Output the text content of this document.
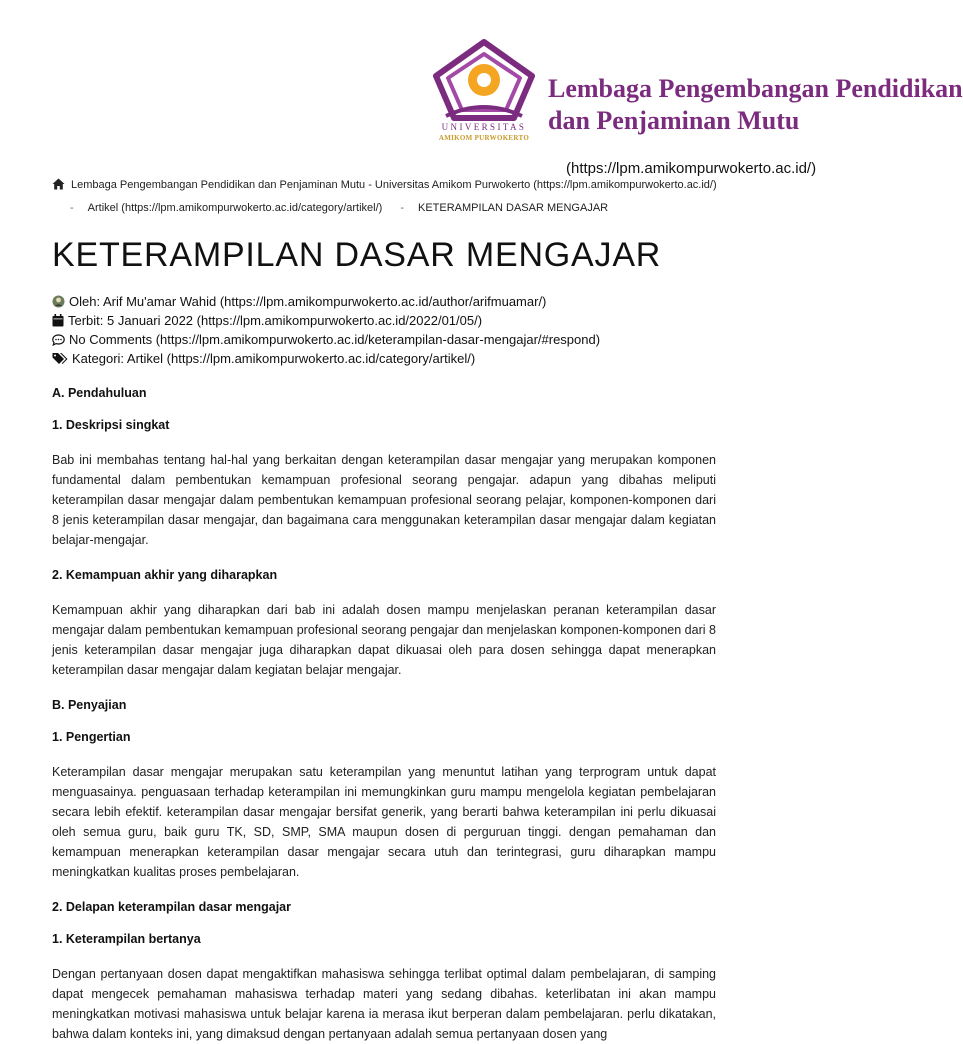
UNIVERSITAS
AMIKOM PURWOKERTO
Lembaga Pengembangan Pendidikan
dan Penjaminan Mutu
(https://lpm.amikompurwokerto.ac.id/)
Lembaga Pengembangan Pendidikan dan Penjaminan Mutu - Universitas Amikom Purwokerto (https://lpm.amikompurwokerto.ac.id/)
- Artikel (https://lpm.amikompurwokerto.ac.id/category/artikel/) - KETERAMPILAN DASAR MENGAJAR
KETERAMPILAN DASAR MENGAJAR
Oleh: Arif Mu'amar Wahid (https://lpm.amikompurwokerto.ac.id/author/arifmuamar/)
Terbit: 5 Januari 2022 (https://lpm.amikompurwokerto.ac.id/2022/01/05/)
No Comments (https://lpm.amikompurwokerto.ac.id/keterampilan-dasar-mengajar/#respond)
Kategori: Artikel (https://lpm.amikompurwokerto.ac.id/category/artikel/)
A. Pendahuluan
1. Deskripsi singkat

Bab ini membahas tentang hal-hal yang berkaitan dengan keterampilan dasar mengajar yang merupakan komponen fundamental dalam pembentukan kemampuan profesional seorang pengajar. adapun yang dibahas meliputi keterampilan dasar mengajar dalam pembentukan kemampuan profesional seorang pelajar, komponen-komponen dari 8 jenis keterampilan dasar mengajar, dan bagaimana cara menggunakan keterampilan dasar mengajar dalam kegiatan belajar-mengajar.

2. Kemampuan akhir yang diharapkan

Kemampuan akhir yang diharapkan dari bab ini adalah dosen mampu menjelaskan peranan keterampilan dasar mengajar dalam pembentukan kemampuan profesional seorang pengajar dan menjelaskan komponen-komponen dari 8 jenis keterampilan dasar mengajar juga diharapkan dapat dikuasai oleh para dosen sehingga dapat menerapkan keterampilan dasar mengajar dalam kegiatan belajar mengajar.

B. Penyajian
1. Pengertian

Keterampilan dasar mengajar merupakan satu keterampilan yang menuntut latihan yang terprogram untuk dapat menguasainya. penguasaan terhadap keterampilan ini memungkinkan guru mampu mengelola kegiatan pembelajaran secara lebih efektif. keterampilan dasar mengajar bersifat generik, yang berarti bahwa keterampilan ini perlu dikuasai oleh semua guru, baik guru TK, SD, SMP, SMA maupun dosen di perguruan tinggi. dengan pemahaman dan kemampuan menerapkan keterampilan dasar mengajar secara utuh dan terintegrasi, guru diharapkan mampu meningkatkan kualitas proses pembelajaran.

2. Delapan keterampilan dasar mengajar
1. Keterampilan bertanya

Dengan pertanyaan dosen dapat mengaktifkan mahasiswa sehingga terlibat optimal dalam pembelajaran, di samping dapat mengecek pemahaman mahasiswa terhadap materi yang sedang dibahas. keterlibatan ini akan mampu meningkatkan motivasi mahasiswa untuk belajar karena ia merasa ikut berperan dalam pembelajaran. perlu dikatakan, bahwa dalam konteks ini, yang dimaksud dengan pertanyaan adalah semua pertanyaan dosen yang
